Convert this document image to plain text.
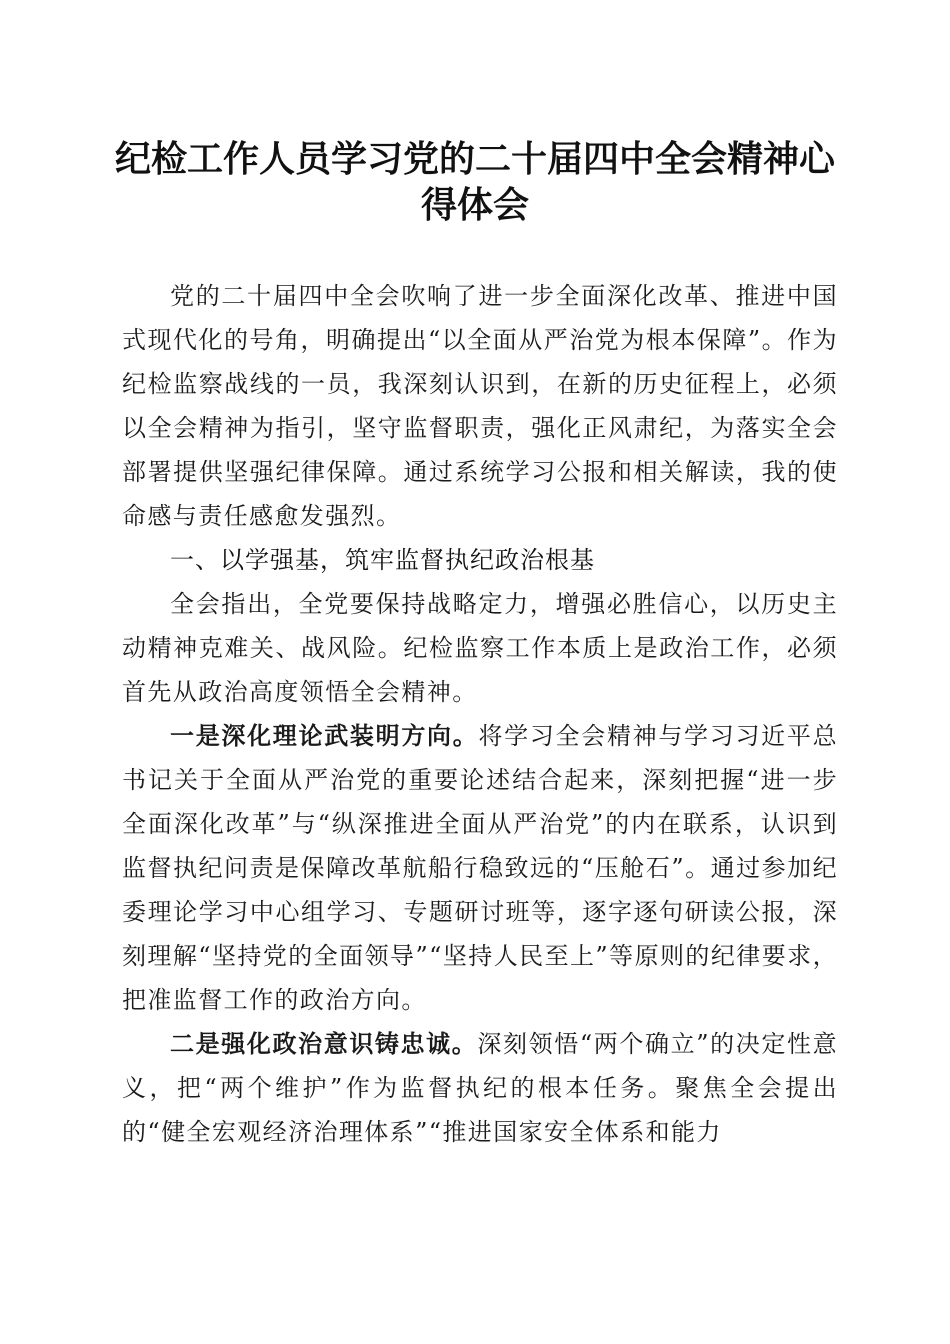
纪检工作人员学习党的二十届四中全会精神心得体会

党的二十届四中全会吹响了进一步全面深化改革、推进中国式现代化的号角，明确提出“以全面从严治党为根本保障”。作为纪检监察战线的一员，我深刻认识到，在新的历史征程上，必须以全会精神为指引，坚守监督职责，强化正风肃纪，为落实全会部署提供坚强纪律保障。通过系统学习公报和相关解读，我的使命感与责任感愈发强烈。

一、以学强基，筑牢监督执纪政治根基

全会指出，全党要保持战略定力，增强必胜信心，以历史主动精神克难关、战风险。纪检监察工作本质上是政治工作，必须首先从政治高度领悟全会精神。

一是深化理论武装明方向。将学习全会精神与学习习近平总书记关于全面从严治党的重要论述结合起来，深刻把握“进一步全面深化改革”与“纵深推进全面从严治党”的内在联系，认识到监督执纪问责是保障改革航船行稳致远的“压舱石”。通过参加纪委理论学习中心组学习、专题研讨班等，逐字逐句研读公报，深刻理解“坚持党的全面领导”“坚持人民至上”等原则的纪律要求，把准监督工作的政治方向。

二是强化政治意识铸忠诚。深刻领悟“两个确立”的决定性意义，把“两个维护”作为监督执纪的根本任务。聚焦全会提出的“健全宏观经济治理体系”“推进国家安全体系和能力
